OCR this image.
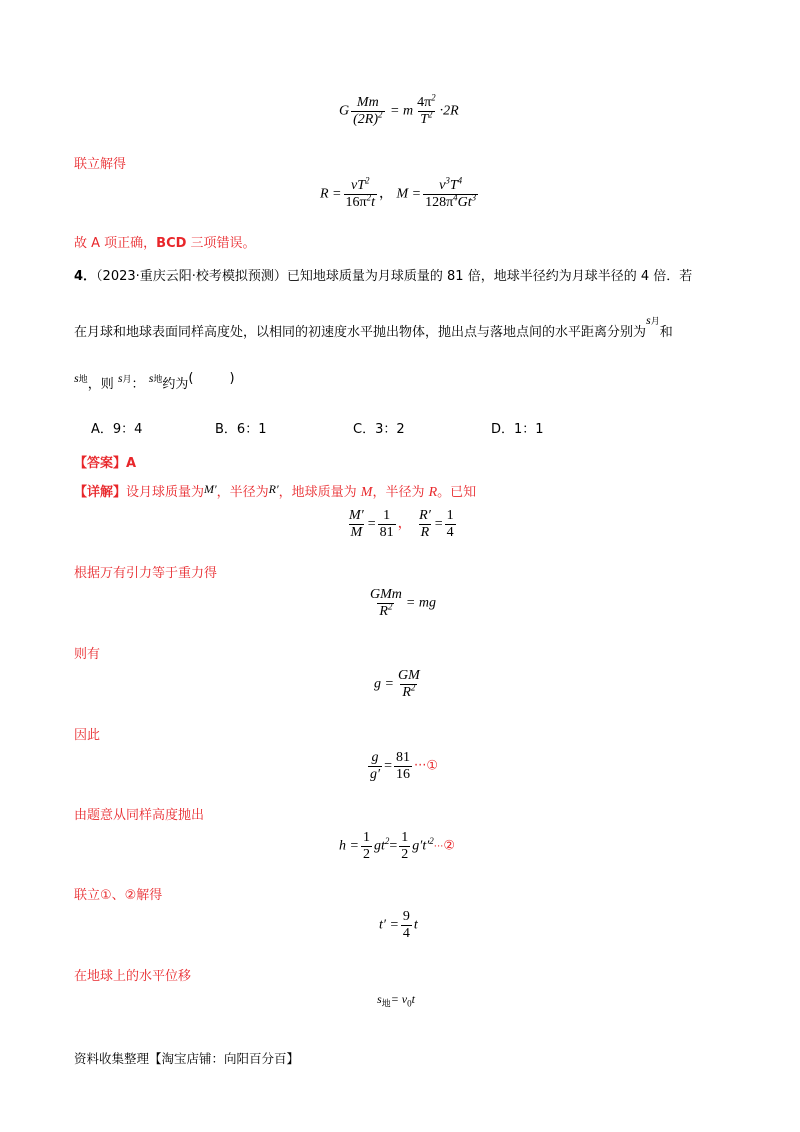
G $\frac{Mm}{(2R)^2} = m \frac{4\pi^2}{T^2} \cdot 2R$
联立解得
$R = \frac{vT^2}{16\pi^2t}$ ， $M = \frac{v^3T^4}{128\pi^4Gt^3}$
故 A 项正确，BCD 三项错误。
4．（2023·重庆云阳·校考模拟预测）已知地球质量为月球质量的 81 倍，地球半径约为月球半径的 4 倍．若
在月球和地球表面同样高度处，以相同的初速度水平抛出物体，抛出点与落地点间的水平距离分别为s月和
s地，则 s月： s地约为(	)
A．9：4	B．6：1	C．3：2	D．1：1
【答案】A
【详解】设月球质量为M′，半径为R′，地球质量为 M，半径为 R。已知
$\frac{M'}{M} = \frac{1}{81}$ ， $\frac{R'}{R} = \frac{1}{4}$
根据万有引力等于重力得
$\frac{\text{GMm}}{R^2}$ = mg
则有
$g = \frac{GM}{R^2}$
因此
$\frac{g}{g'} = \frac{81}{16}$ ···①
由题意从同样高度抛出
$h = \frac{1}{2} gt^2= \frac{1}{2}$ $g't'^2\cdot\cdot\cdot ②$
联立①、②解得
$t' = \frac{9}{4}$ t
在地球上的水平位移
$s_地= v_0t$
资料收集整理【淘宝店铺：向阳百分百】
